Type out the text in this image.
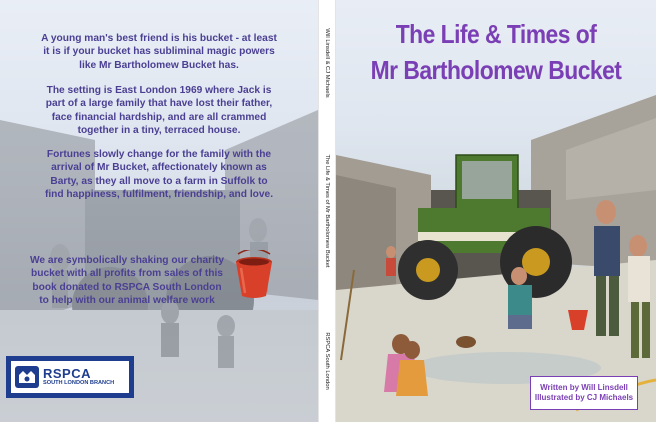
A young man's best friend is his bucket - at least it is if your bucket has subliminal magic powers like Mr Bartholomew Bucket has.

The setting is East London 1969 where Jack is part of a large family that have lost their father, face financial hardship, and are all crammed together in a tiny, terraced house.

Fortunes slowly change for the family with the arrival of Mr Bucket, affectionately known as Barty, as they all move to a farm in Suffolk to find happiness, fulfilment, friendship, and love.

We are symbolically shaking our charity bucket with all profits from sales of this book donated to RSPCA South London to help with our animal welfare work

RSPCA
SOUTH LONDON BRANCH
Will Linsdell & CJ Michaels
The Life & Times of Mr Bartholomew Bucket
RSPCA South London

The Life & Times of

Mr Bartholomew Bucket

Written by Will Linsdell
Illustrated by CJ Michaels
